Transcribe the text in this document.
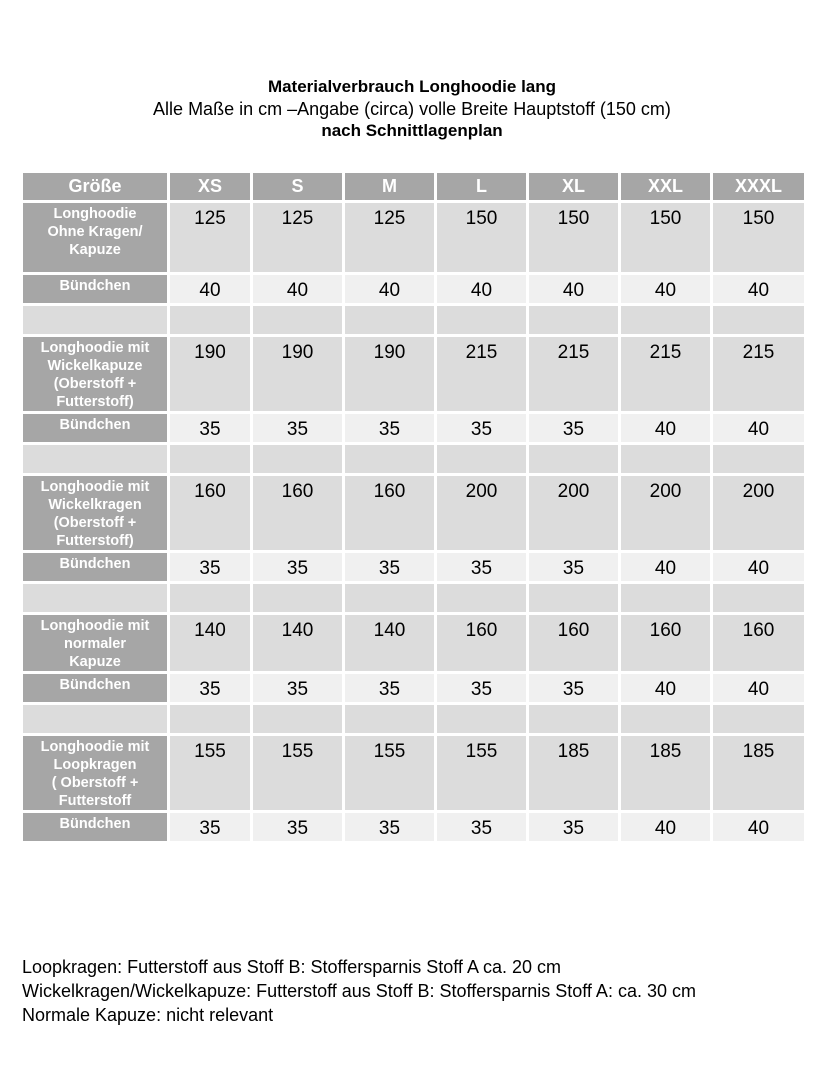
Materialverbrauch Longhoodie lang
Alle Maße in cm –Angabe (circa) volle Breite Hauptstoff (150 cm)
nach Schnittlagenplan
Größe	XS	S	M	L	XL	XXL	XXXL

Longhoodie
Ohne Kragen/
Kapuze	125	125	125	150	150	150	150

Bündchen	40	40	40	40	40	40	40

Longhoodie mit
Wickelkapuze
(Oberstoff +
Futterstoff)	190	190	190	215	215	215	215

Bündchen	35	35	35	35	35	40	40

Longhoodie mit
Wickelkragen
(Oberstoff +
Futterstoff)	160	160	160	200	200	200	200

Bündchen	35	35	35	35	35	40	40

Longhoodie mit
normaler
Kapuze	140	140	140	160	160	160	160

Bündchen	35	35	35	35	35	40	40

Longhoodie mit
Loopkragen
( Oberstoff +
Futterstoff	155	155	155	155	185	185	185

Bündchen	35	35	35	35	35	40	40
Loopkragen: Futterstoff aus Stoff B: Stoffersparnis Stoff A ca. 20 cm
Wickelkragen/Wickelkapuze: Futterstoff aus Stoff B: Stoffersparnis Stoff A: ca. 30 cm
Normale Kapuze: nicht relevant
